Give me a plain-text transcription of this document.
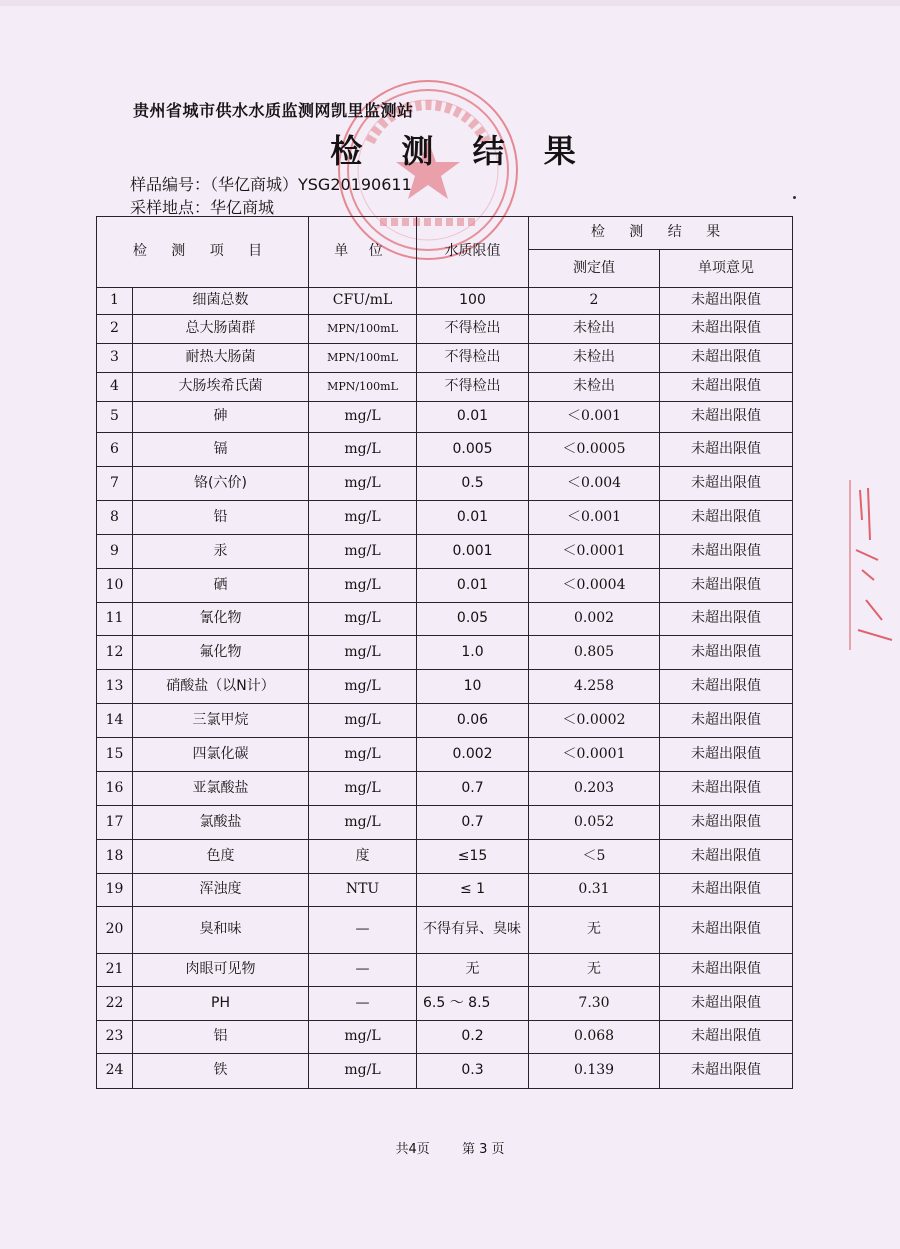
贵州省城市供水水质监测网凯里监测站
检 测 结 果
样品编号：（华亿商城）YSG20190611
采样地点：华亿商城
检 测 项 目		单 位	水质限值	检 测 结 果	
				测定值	单项意见
1	细菌总数	CFU/mL	100	2	未超出限值
2	总大肠菌群	MPN/100mL	不得检出	未检出	未超出限值
3	耐热大肠菌	MPN/100mL	不得检出	未检出	未超出限值
4	大肠埃希氏菌	MPN/100mL	不得检出	未检出	未超出限值
5	砷	mg/L	0.01	＜0.001	未超出限值
6	镉	mg/L	0.005	＜0.0005	未超出限值
7	铬(六价)	mg/L	0.5	＜0.004	未超出限值
8	铅	mg/L	0.01	＜0.001	未超出限值
9	汞	mg/L	0.001	＜0.0001	未超出限值
10	硒	mg/L	0.01	＜0.0004	未超出限值
11	氰化物	mg/L	0.05	0.002	未超出限值
12	氟化物	mg/L	1.0	0.805	未超出限值
13	硝酸盐（以N计）	mg/L	10	4.258	未超出限值
14	三氯甲烷	mg/L	0.06	＜0.0002	未超出限值
15	四氯化碳	mg/L	0.002	＜0.0001	未超出限值
16	亚氯酸盐	mg/L	0.7	0.203	未超出限值
17	氯酸盐	mg/L	0.7	0.052	未超出限值
18	色度	度	≤15	＜5	未超出限值
19	浑浊度	NTU	≤ 1	0.31	未超出限值
20	臭和味	—	不得有异、臭味	无	未超出限值
21	肉眼可见物	—	无	无	未超出限值
22	PH	—	6.5 ～ 8.5	7.30	未超出限值
23	铝	mg/L	0.2	0.068	未超出限值
24	铁	mg/L	0.3	0.139	未超出限值
共4页 第 3 页
